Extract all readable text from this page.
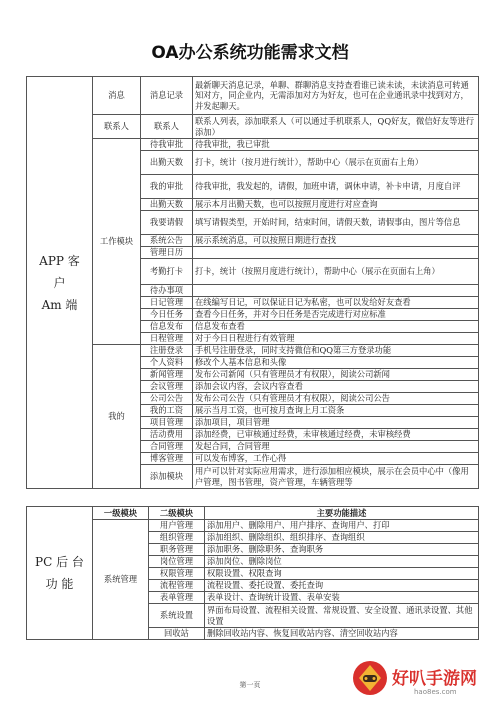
OA办公系统功能需求文档
APP 客
户
Am 端	消息	消息记录	最新聊天消息记录，单聊、群聊消息支持查看谁已读未读，未读消息可转通知对方，同企业内，无需添加对方为好友，也可在企业通讯录中找到对方，并发起聊天。
	联系人	联系人	联系人列表，添加联系人（可以通过手机联系人，QQ好友，微信好友等进行添加）
	工作模块	待我审批	待我审批，我已审批
		出勤天数	打卡，统计（按月进行统计），帮助中心（展示在页面右上角）
		我的审批	待我审批，我发起的，请假，加班申请，调休申请，补卡申请，月度自评
		出勤天数	展示本月出勤天数，也可以按照月度进行对应查询
		我要请假	填写请假类型，开始时间，结束时间，请假天数，请假事由，图片等信息
		系统公告	展示系统消息，可以按照日期进行查找
		管理日历	
		考勤打卡	打卡，统计（按照月度进行统计），帮助中心（展示在页面右上角）
		待办事项	
		日记管理	在线编写日记，可以保证日记为私密，也可以发给好友查看
		今日任务	查看今日任务，并对今日任务是否完成进行对应标准
		信息发布	信息发布查看
		日程管理	对于今日日程进行有效管理
	我的	注册登录	手机号注册登录，同时支持微信和QQ第三方登录功能
		个人资料	修改个人基本信息和头像
		新闻管理	发布公司新闻（只有管理员才有权限），阅读公司新闻
		会议管理	添加会议内容，会议内容查看
		公司公告	发布公司公告（只有管理员才有权限），阅读公司公告
		我的工资	展示当月工资，也可按月查询上月工资条
		项目管理	添加项目，项目管理
		活动费用	添加经费，已审核通过经费，未审核通过经费，未审核经费
		合同管理	发起合同，合同管理
		博客管理	可以发布博客，工作心得
		添加模块	用户可以针对实际应用需求，进行添加相应模块，展示在会员中心中（像用户管理，图书管理，资产管理，车辆管理等
PC 后 台
功 能	一级模块	二级模块	主要功能描述
	系统管理	用户管理	添加用户、删除用户、用户排序、查询用户、打印
		组织管理	添加组织、删除组织、组织排序、查询组织
		职务管理	添加职务、删除职务、查询职务
		岗位管理	添加岗位、删除岗位
		权限管理	权限设置、权限查询
		流程管理	流程设置、委托设置、委托查询
		表单管理	表单设计、查询统计设置、表单安装
		系统设置	界面布局设置、流程相关设置、常规设置、安全设置、通讯录设置、其他设置
		回收站	删除回收站内容、恢复回收站内容、清空回收站内容
第一页	好叭手游网
hao8es.com
